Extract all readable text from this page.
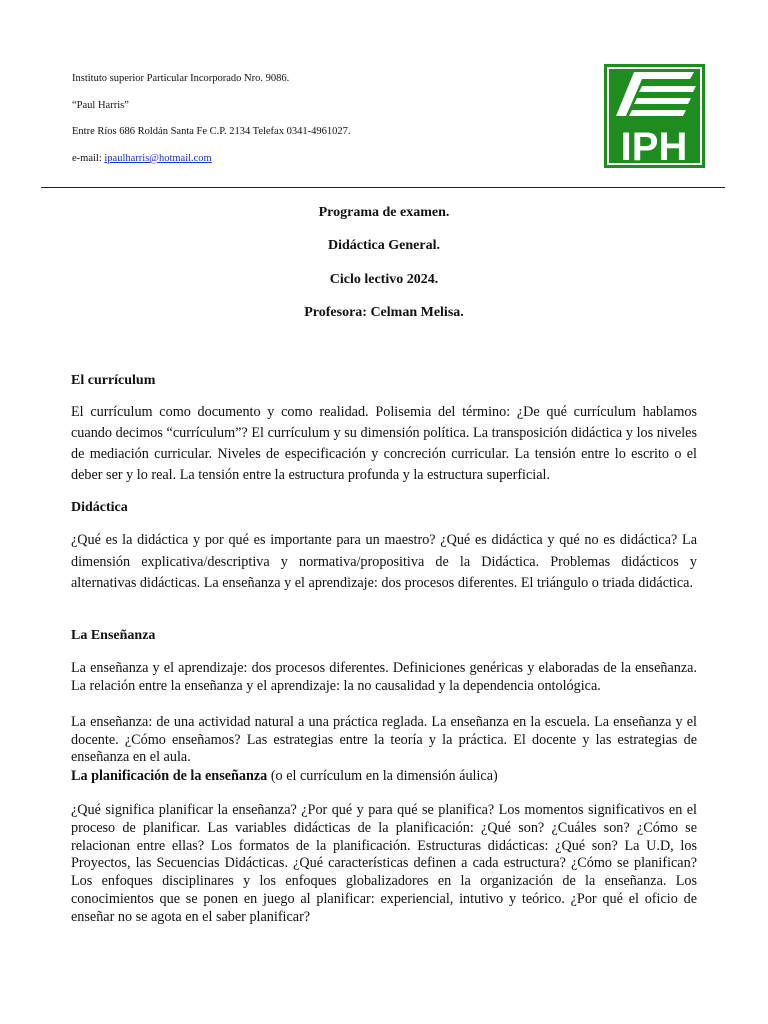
Instituto superior Particular Incorporado Nro. 9086.
“Paul Harris”
Entre Ríos 686 Roldán Santa Fe C.P. 2134 Telefax 0341-4961027.
e-mail: ipaulharris@hotmail.com	IPH
Programa de examen.
Didáctica General.
Ciclo lectivo 2024.
Profesora: Celman Melisa.
El currículum
El currículum como documento y como realidad. Polisemia del término: ¿De qué currículum hablamos cuando decimos “currículum”? El currículum y su dimensión política. La transposición didáctica y los niveles de mediación curricular. Niveles de especificación y concreción curricular. La tensión entre lo escrito o el deber ser y lo real. La tensión entre la estructura profunda y la estructura superficial.
Didáctica
¿Qué es la didáctica y por qué es importante para un maestro? ¿Qué es didáctica y qué no es didáctica? La dimensión explicativa/descriptiva y normativa/propositiva de la Didáctica. Problemas didácticos y alternativas didácticas. La enseñanza y el aprendizaje: dos procesos diferentes. El triángulo o triada didáctica.
La Enseñanza
La enseñanza y el aprendizaje: dos procesos diferentes. Definiciones genéricas y elaboradas de la enseñanza. La relación entre la enseñanza y el aprendizaje: la no causalidad y la dependencia ontológica.
La enseñanza: de una actividad natural a una práctica reglada. La enseñanza en la escuela. La enseñanza y el docente. ¿Cómo enseñamos? Las estrategias entre la teoría y la práctica. El docente y las estrategias de enseñanza en el aula.
La planificación de la enseñanza (o el currículum en la dimensión áulica)
¿Qué significa planificar la enseñanza? ¿Por qué y para qué se planifica? Los momentos significativos en el proceso de planificar. Las variables didácticas de la planificación: ¿Qué son? ¿Cuáles son? ¿Cómo se relacionan entre ellas? Los formatos de la planificación. Estructuras didácticas: ¿Qué son? La U.D, los Proyectos, las Secuencias Didácticas. ¿Qué características definen a cada estructura? ¿Cómo se planifican? Los enfoques disciplinares y los enfoques globalizadores en la organización de la enseñanza. Los conocimientos que se ponen en juego al planificar: experiencial, intutivo y teórico. ¿Por qué el oficio de enseñar no se agota en el saber planificar?
